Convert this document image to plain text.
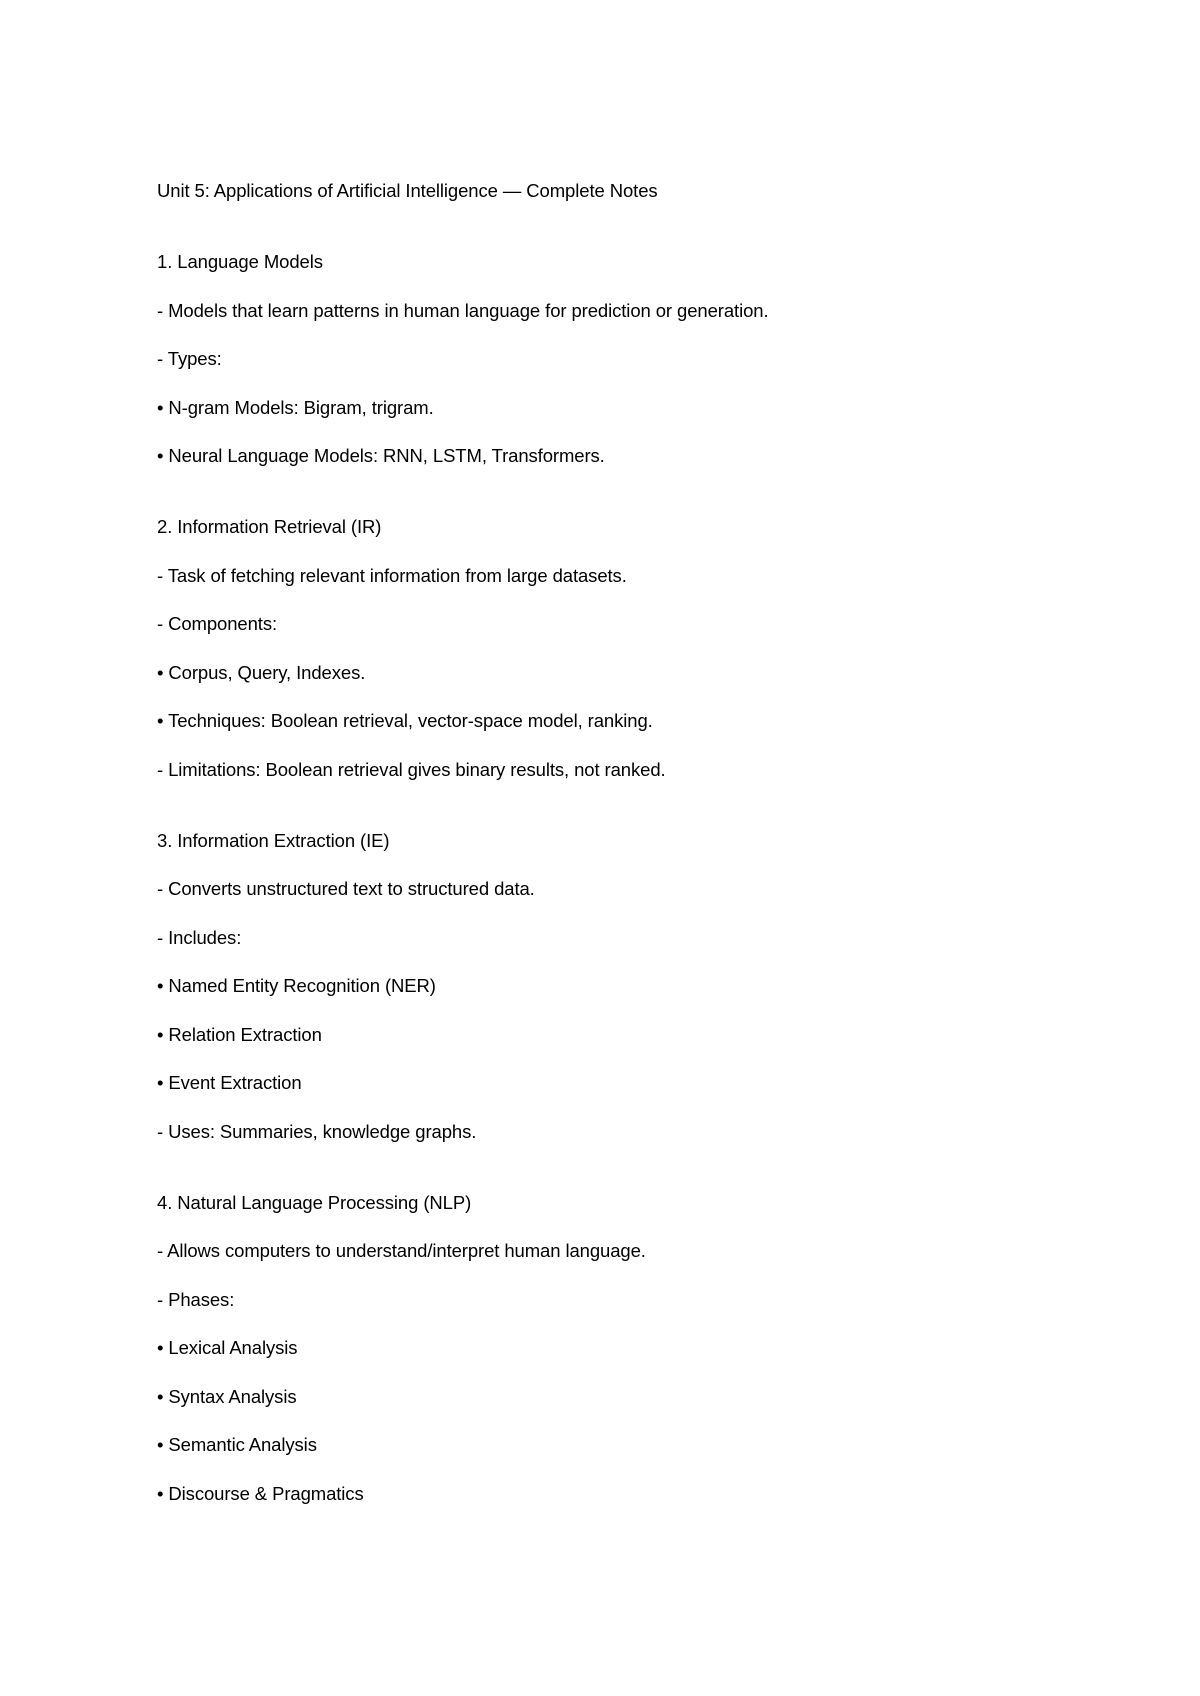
Unit 5: Applications of Artificial Intelligence — Complete Notes
1. Language Models
- Models that learn patterns in human language for prediction or generation.
- Types:
• N-gram Models: Bigram, trigram.
• Neural Language Models: RNN, LSTM, Transformers.
2. Information Retrieval (IR)
- Task of fetching relevant information from large datasets.
- Components:
• Corpus, Query, Indexes.
• Techniques: Boolean retrieval, vector-space model, ranking.
- Limitations: Boolean retrieval gives binary results, not ranked.
3. Information Extraction (IE)
- Converts unstructured text to structured data.
- Includes:
• Named Entity Recognition (NER)
• Relation Extraction
• Event Extraction
- Uses: Summaries, knowledge graphs.
4. Natural Language Processing (NLP)
- Allows computers to understand/interpret human language.
- Phases:
• Lexical Analysis
• Syntax Analysis
• Semantic Analysis
• Discourse & Pragmatics
